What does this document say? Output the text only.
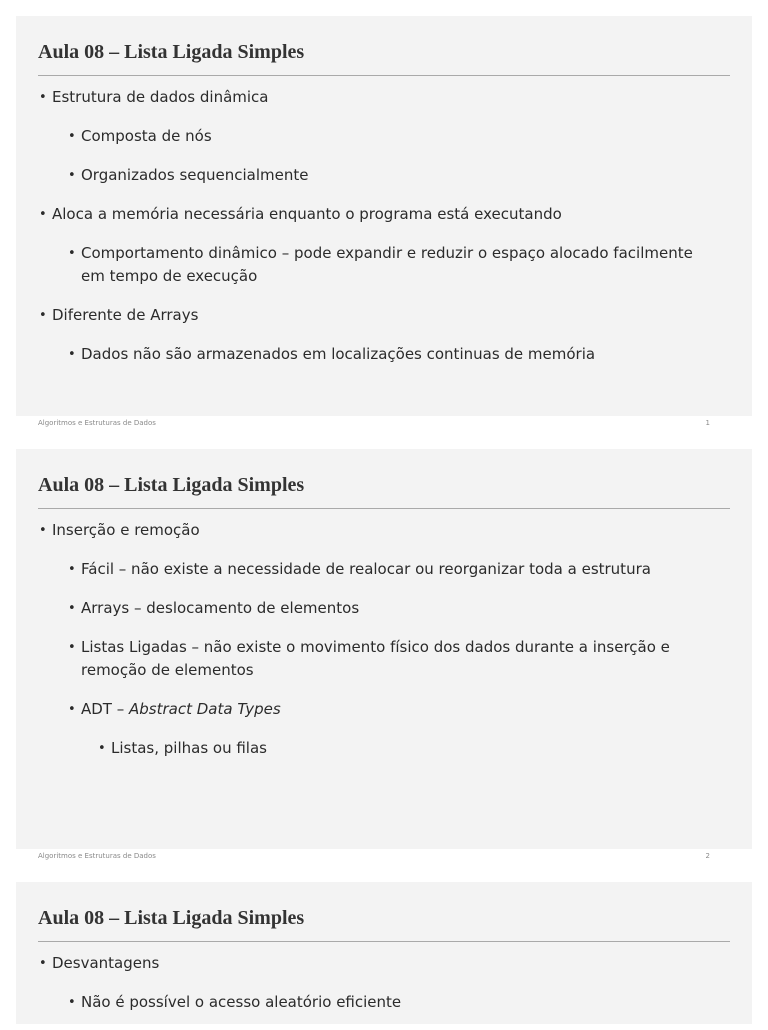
Aula 08 – Lista Ligada Simples
• Estrutura de dados dinâmica
• Composta de nós
• Organizados sequencialmente
• Aloca a memória necessária enquanto o programa está executando
• Comportamento dinâmico – pode expandir e reduzir o espaço alocado facilmente em tempo de execução
• Diferente de Arrays
• Dados não são armazenados em localizações continuas de memória
Algoritmos e Estruturas de Dados	1
Aula 08 – Lista Ligada Simples
• Inserção e remoção
• Fácil – não existe a necessidade de realocar ou reorganizar toda a estrutura
• Arrays – deslocamento de elementos
• Listas Ligadas – não existe o movimento físico dos dados durante a inserção e remoção de elementos
• ADT – Abstract Data Types
• Listas, pilhas ou filas
Algoritmos e Estruturas de Dados	2
Aula 08 – Lista Ligada Simples
• Desvantagens
• Não é possível o acesso aleatório eficiente
